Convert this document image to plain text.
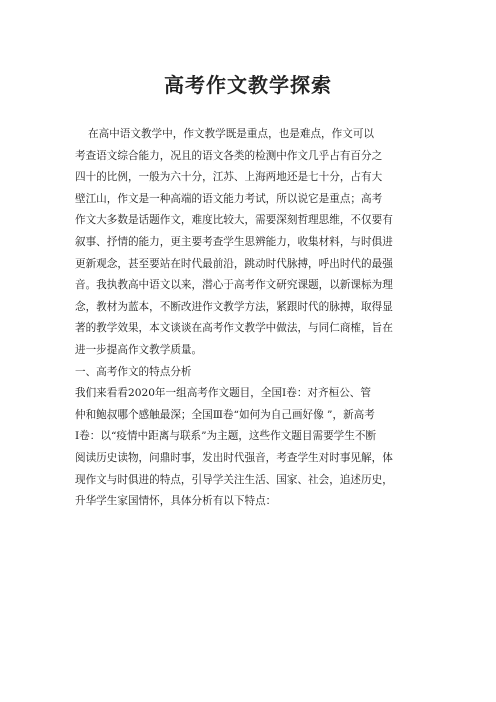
高考作文教学探索
在高中语文教学中，作文教学既是重点，也是难点，作文可以
考查语文综合能力，况且的语文各类的检测中作文几乎占有百分之
四十的比例，一般为六十分，江苏、上海两地还是七十分，占有大
壁江山，作文是一种高端的语文能力考试，所以说它是重点；高考
作文大多数是话题作文，难度比较大，需要深刻哲理思维，不仅要有
叙事、抒情的能力，更主要考查学生思辨能力，收集材料，与时俱进
更新观念，甚至要站在时代最前沿，跳动时代脉搏，呼出时代的最强
音。我执教高中语文以来，潜心于高考作文研究课题，以新课标为理
念，教材为蓝本，不断改进作文教学方法，紧跟时代的脉搏，取得显
著的教学效果，本文谈谈在高考作文教学中做法，与同仁商榷，旨在
进一步提高作文教学质量。
一、高考作文的特点分析
我们来看看2020年一组高考作文题目，全国Ⅰ卷：对齐桓公、管
仲和鲍叔哪个感触最深；全国Ⅲ卷“如何为自己画好像 ”，新高考
Ⅰ卷：以“疫情中距离与联系”为主题，这些作文题目需要学生不断
阅读历史读物，问鼎时事，发出时代强音，考查学生对时事见解，体
现作文与时俱进的特点，引导学关注生活、国家、社会，追述历史，
升华学生家国情怀，具体分析有以下特点：
